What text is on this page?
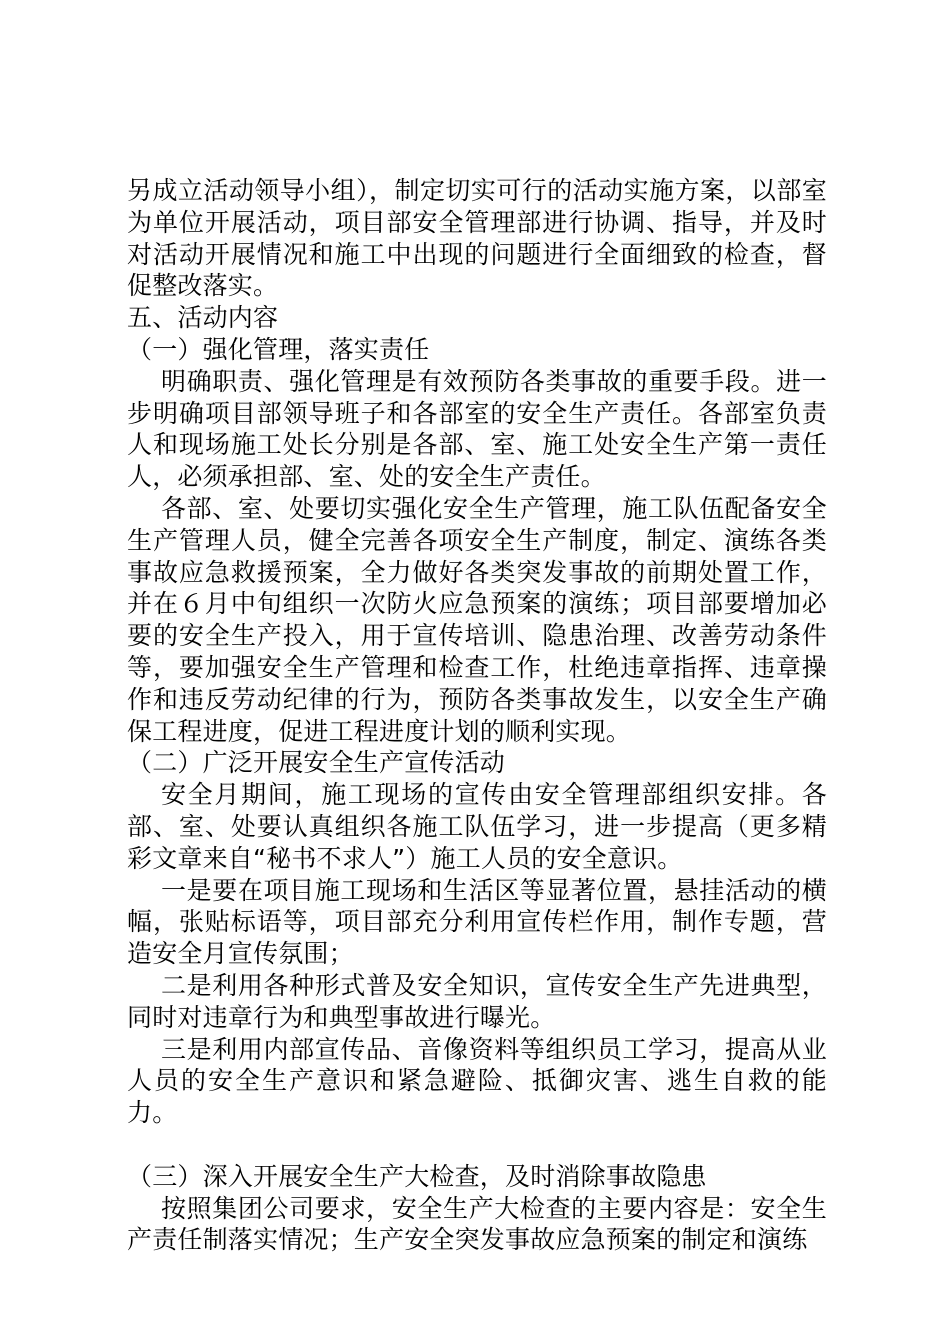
另成立活动领导小组），制定切实可行的活动实施方案，以部室为单位开展活动，项目部安全管理部进行协调、指导，并及时对活动开展情况和施工中出现的问题进行全面细致的检查，督促整改落实。

五、活动内容

（一）强化管理，落实责任

明确职责、强化管理是有效预防各类事故的重要手段。进一步明确项目部领导班子和各部室的安全生产责任。各部室负责人和现场施工处长分别是各部、室、施工处安全生产第一责任人，必须承担部、室、处的安全生产责任。

各部、室、处要切实强化安全生产管理，施工队伍配备安全生产管理人员，健全完善各项安全生产制度，制定、演练各类事故应急救援预案，全力做好各类突发事故的前期处置工作，并在６月中旬组织一次防火应急预案的演练；项目部要增加必要的安全生产投入，用于宣传培训、隐患治理、改善劳动条件等，要加强安全生产管理和检查工作，杜绝违章指挥、违章操作和违反劳动纪律的行为，预防各类事故发生，以安全生产确保工程进度，促进工程进度计划的顺利实现。

（二）广泛开展安全生产宣传活动

安全月期间，施工现场的宣传由安全管理部组织安排。各部、室、处要认真组织各施工队伍学习，进一步提高（更多精彩文章来自“秘书不求人”）施工人员的安全意识。

一是要在项目施工现场和生活区等显著位置，悬挂活动的横幅，张贴标语等，项目部充分利用宣传栏作用，制作专题，营造安全月宣传氛围；

二是利用各种形式普及安全知识，宣传安全生产先进典型，同时对违章行为和典型事故进行曝光。

三是利用内部宣传品、音像资料等组织员工学习，提高从业人员的安全生产意识和紧急避险、抵御灾害、逃生自救的能力。

（三）深入开展安全生产大检查，及时消除事故隐患

按照集团公司要求，安全生产大检查的主要内容是：安全生产责任制落实情况；生产安全突发事故应急预案的制定和演练
